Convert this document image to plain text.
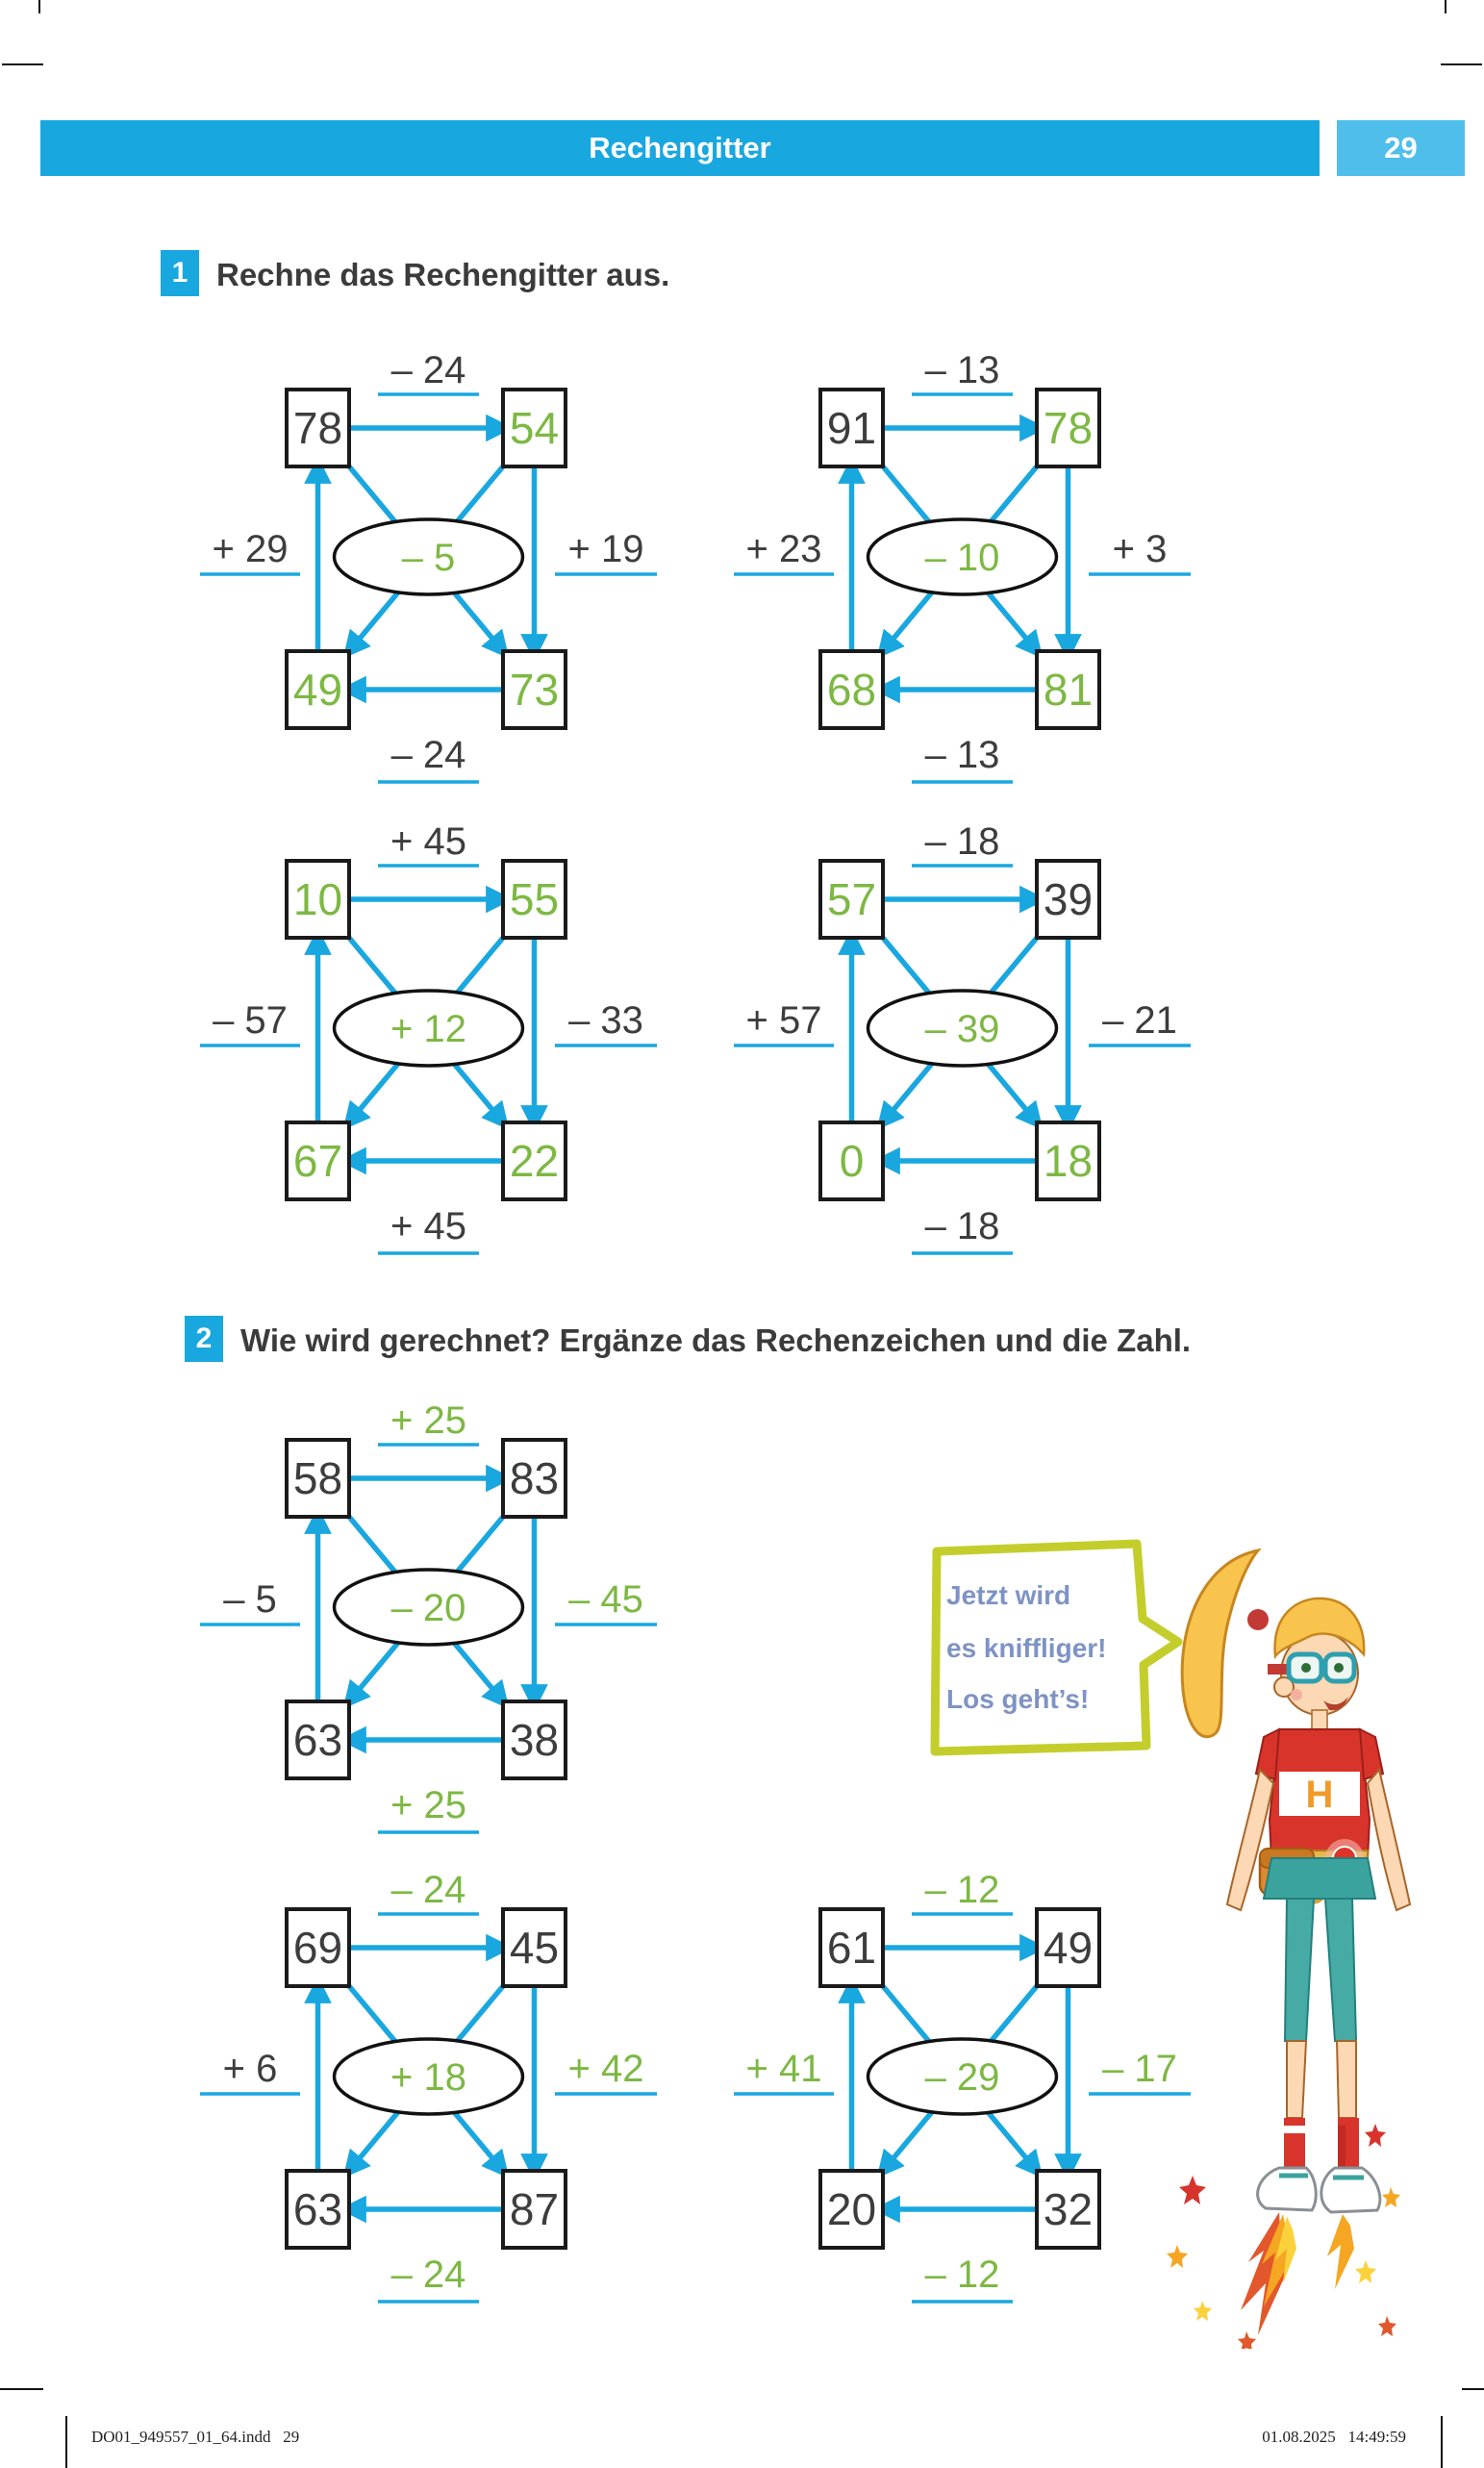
Rechengitter	29
1 Rechne das Rechengitter aus.
2 Wie wird gerechnet? Ergänze das Rechenzeichen und die Zahl.
– 5
78	54
49	73
– 24
+ 29	+ 19
– 24
– 10
91	78
68	81
– 13
+ 23	+ 3
– 13
+ 12
10	55
67	22
+ 45
– 57	– 33
+ 45
– 39
57	39
0	18
– 18
+ 57	– 21
– 18
– 20
58	83
63	38
+ 25
– 5	– 45
+ 25
+ 18
69	45
63	87
– 24
+ 6	+ 42
– 24
– 29
61	49
20	32
– 12
+ 41	– 17
– 12
Jetzt wird
es kniffliger!
Los geht’s!
H
DO01_949557_01_64.indd   29	01.08.2025   14:49:59
